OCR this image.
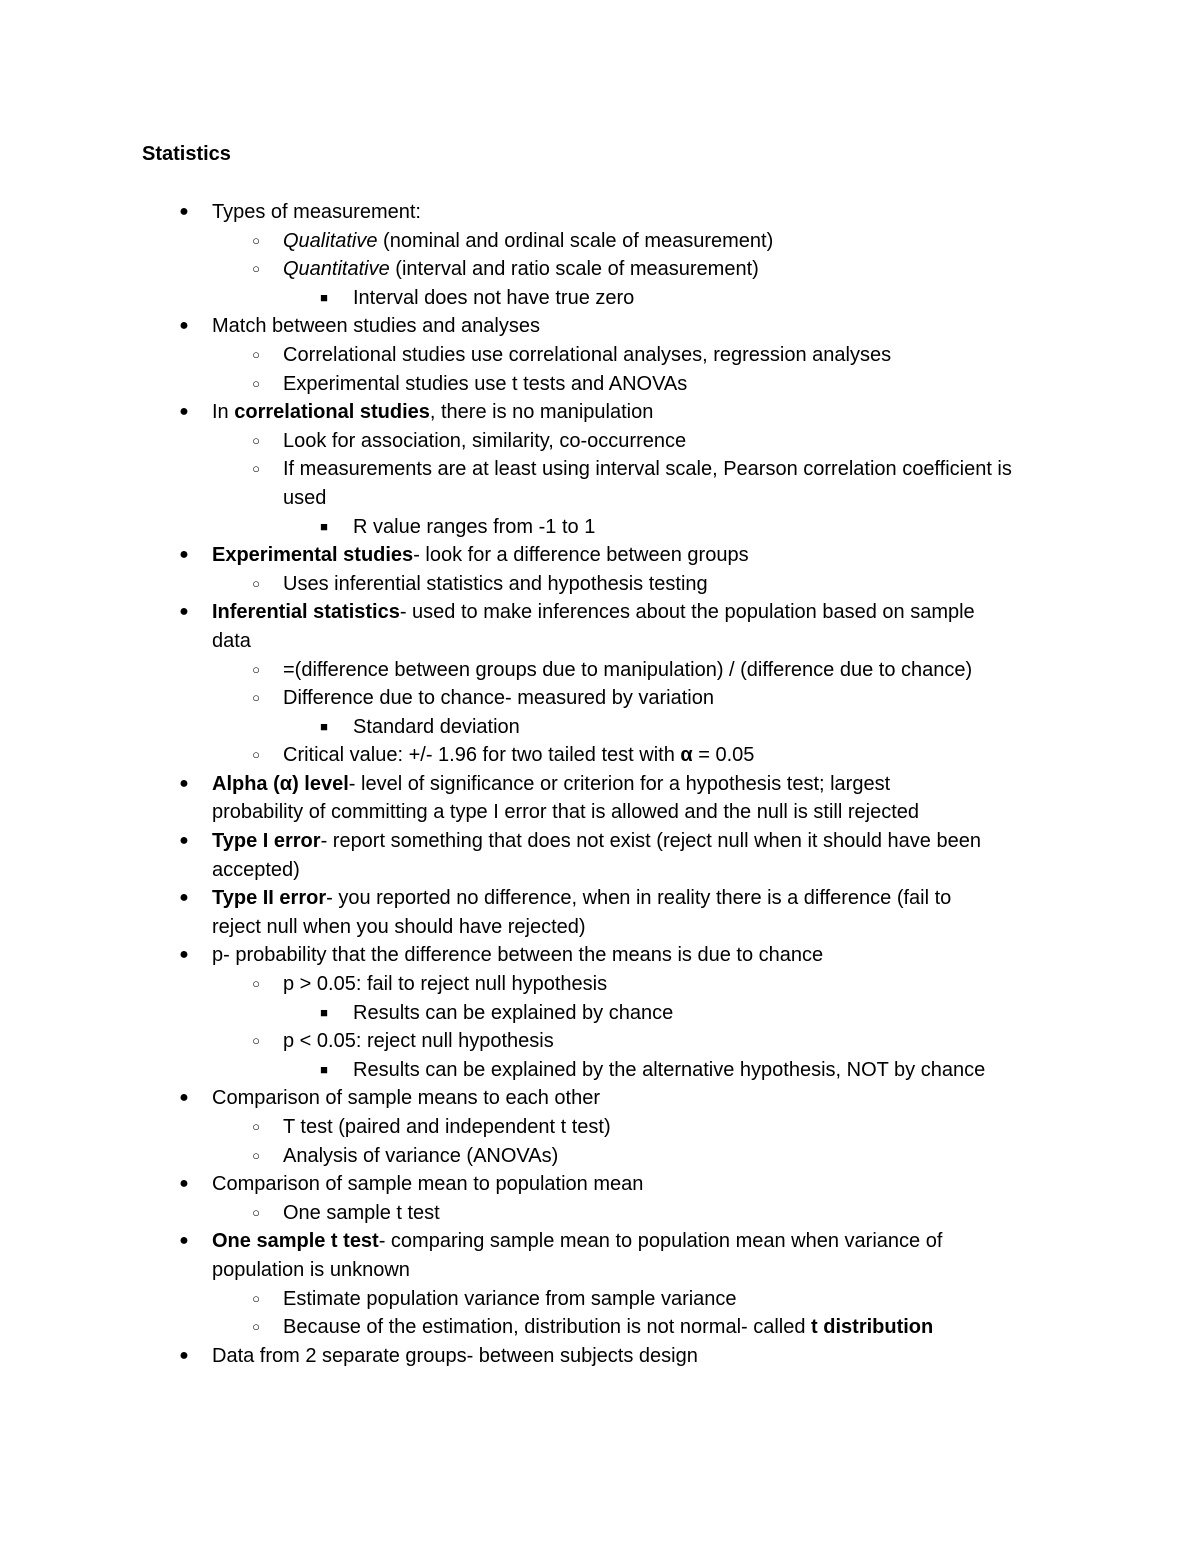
Statistics
● Types of measurement:
○	Qualitative (nominal and ordinal scale of measurement)
○	Quantitative (interval and ratio scale of measurement)
■	Interval does not have true zero
● Match between studies and analyses
○	Correlational studies use correlational analyses, regression analyses
○	Experimental studies use t tests and ANOVAs
● In correlational studies, there is no manipulation
○	Look for association, similarity, co-occurrence
○	If measurements are at least using interval scale, Pearson correlation coefficient is used
■	R value ranges from -1 to 1
● Experimental studies- look for a difference between groups
○	Uses inferential statistics and hypothesis testing
● Inferential statistics- used to make inferences about the population based on sample data
○	=(difference between groups due to manipulation) / (difference due to chance)
○	Difference due to chance- measured by variation
■	Standard deviation
○	Critical value: +/- 1.96 for two tailed test with α = 0.05
● Alpha (α) level- level of significance or criterion for a hypothesis test; largest probability of committing a type I error that is allowed and the null is still rejected
● Type I error- report something that does not exist (reject null when it should have been accepted)
● Type II error- you reported no difference, when in reality there is a difference (fail to reject null when you should have rejected)
● p- probability that the difference between the means is due to chance
○	p > 0.05: fail to reject null hypothesis
■	Results can be explained by chance
○	p < 0.05: reject null hypothesis
■	Results can be explained by the alternative hypothesis, NOT by chance
● Comparison of sample means to each other
○	T test (paired and independent t test)
○	Analysis of variance (ANOVAs)
● Comparison of sample mean to population mean
○	One sample t test
● One sample t test- comparing sample mean to population mean when variance of population is unknown
○	Estimate population variance from sample variance
○	Because of the estimation, distribution is not normal- called t distribution
● Data from 2 separate groups- between subjects design
